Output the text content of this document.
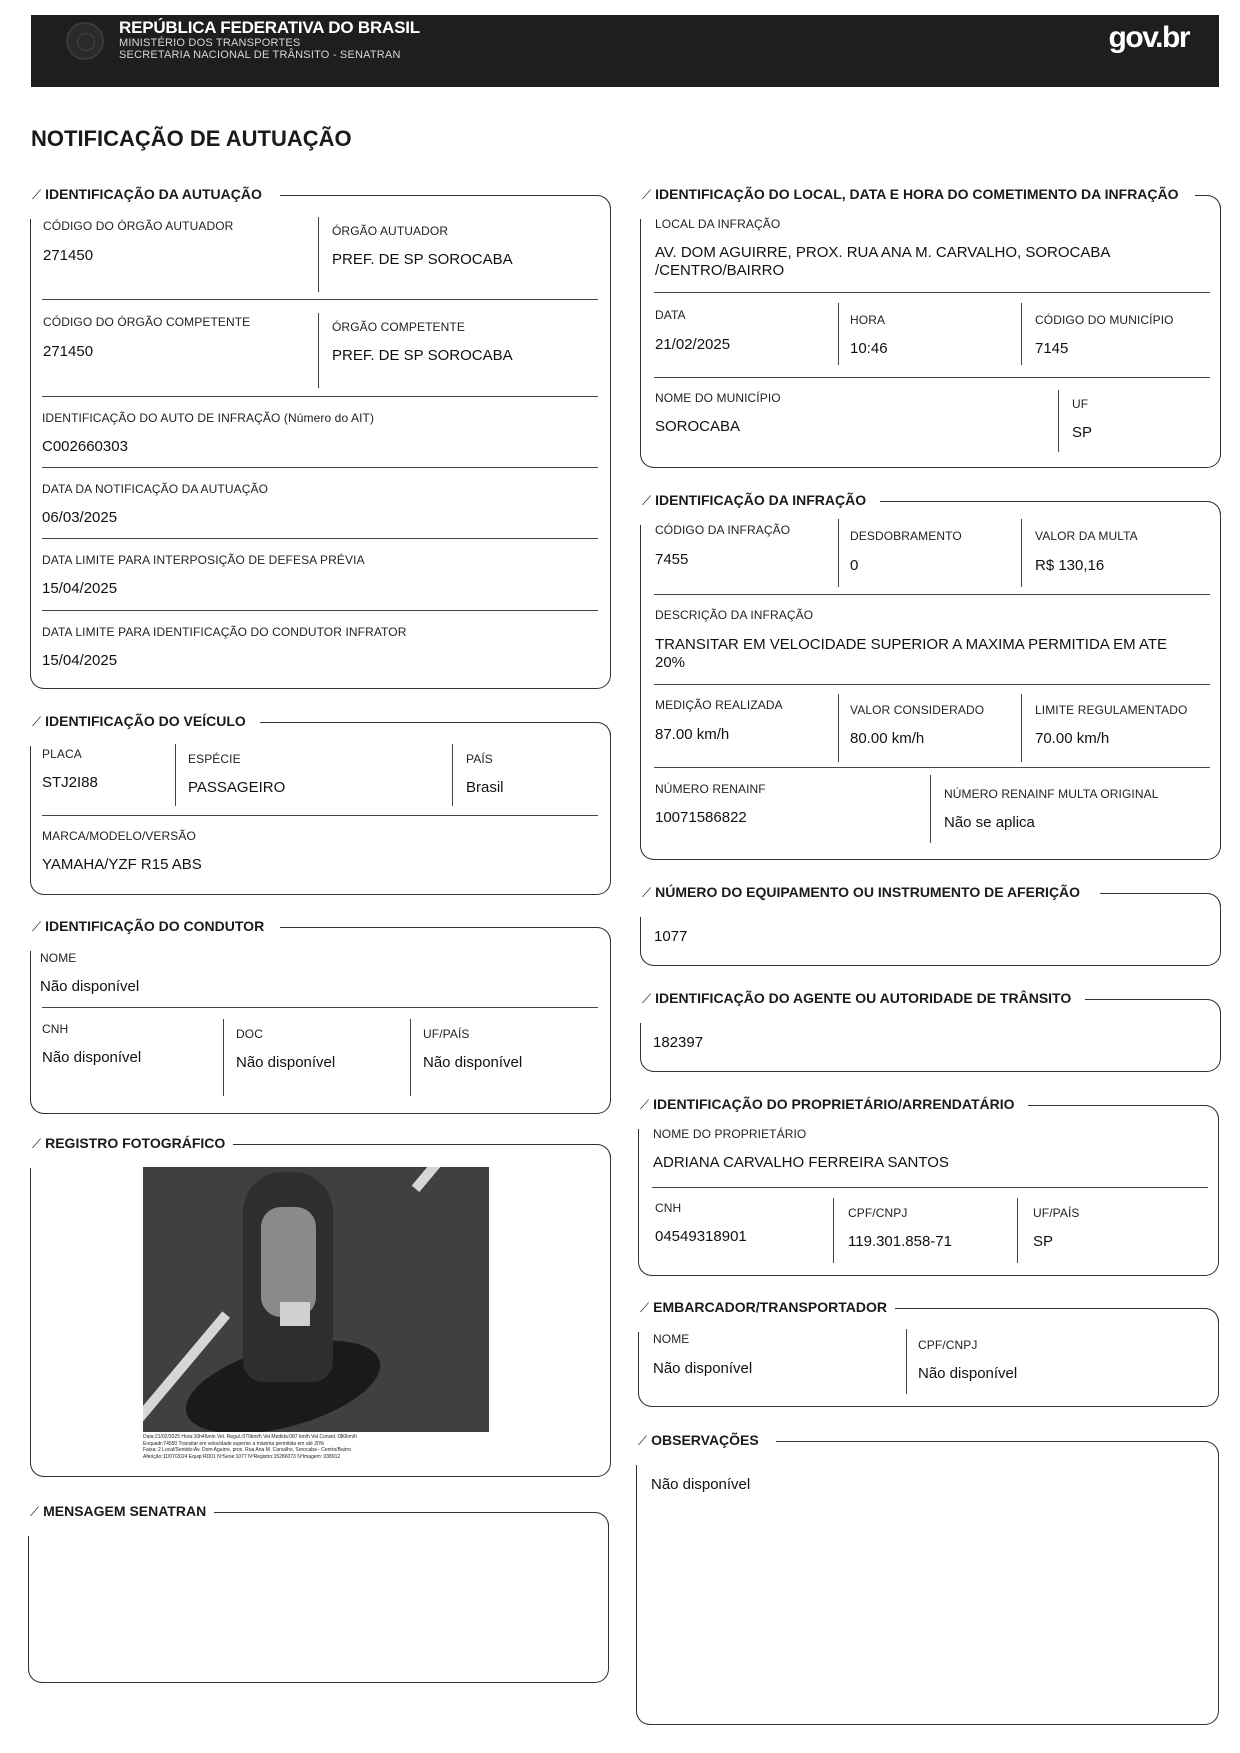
REPÚBLICA FEDERATIVA DO BRASIL
MINISTÉRIO DOS TRANSPORTES
SECRETARIA NACIONAL DE TRÂNSITO - SENATRAN
gov.br
NOTIFICAÇÃO DE AUTUAÇÃO
⟋ IDENTIFICAÇÃO DA AUTUAÇÃO
CÓDIGO DO ÓRGÃO AUTUADOR
271450
ÓRGÃO AUTUADOR
PREF. DE SP SOROCABA
CÓDIGO DO ÓRGÃO COMPETENTE
271450
ÓRGÃO COMPETENTE
PREF. DE SP SOROCABA
IDENTIFICAÇÃO DO AUTO DE INFRAÇÃO (Número do AIT)
C002660303
DATA DA NOTIFICAÇÃO DA AUTUAÇÃO
06/03/2025
DATA LIMITE PARA INTERPOSIÇÃO DE DEFESA PRÉVIA
15/04/2025
DATA LIMITE PARA IDENTIFICAÇÃO DO CONDUTOR INFRATOR
15/04/2025
⟋ IDENTIFICAÇÃO DO LOCAL, DATA E HORA DO COMETIMENTO DA INFRAÇÃO
LOCAL DA INFRAÇÃO
AV. DOM AGUIRRE, PROX. RUA ANA M. CARVALHO, SOROCABA
/CENTRO/BAIRRO
DATA
21/02/2025
HORA
10:46
CÓDIGO DO MUNICÍPIO
7145
NOME DO MUNICÍPIO
SOROCABA
UF
SP
⟋ IDENTIFICAÇÃO DA INFRAÇÃO
CÓDIGO DA INFRAÇÃO
7455
DESDOBRAMENTO
0
VALOR DA MULTA
R$ 130,16
DESCRIÇÃO DA INFRAÇÃO
TRANSITAR EM VELOCIDADE SUPERIOR A MAXIMA PERMITIDA EM ATE
20%
MEDIÇÃO REALIZADA
87.00 km/h
VALOR CONSIDERADO
80.00 km/h
LIMITE REGULAMENTADO
70.00 km/h
NÚMERO RENAINF
10071586822
NÚMERO RENAINF MULTA ORIGINAL
Não se aplica
⟋ IDENTIFICAÇÃO DO VEÍCULO
PLACA
STJ2I88
ESPÉCIE
PASSAGEIRO
PAÍS
Brasil
MARCA/MODELO/VERSÃO
YAMAHA/YZF R15 ABS
⟋ NÚMERO DO EQUIPAMENTO OU INSTRUMENTO DE AFERIÇÃO
1077
⟋ IDENTIFICAÇÃO DO CONDUTOR
NOME
Não disponível
CNH
Não disponível
DOC
Não disponível
UF/PAÍS
Não disponível
⟋ IDENTIFICAÇÃO DO AGENTE OU AUTORIDADE DE TRÂNSITO
182397
⟋ REGISTRO FOTOGRÁFICO
Data:21/02/2025 Hora:10h46min Vel. Regul.:070km/h Vel.Medida:087 km/h Vel.Consid.:080km/h
Enquadr:74550 Transitar em velocidade superior a máxima permitida em até 20%
Faixa: 2 Local/Sentido:Av. Dom Aguirre, prox. Rua Ana M. Carvalho, Sorocaba - Centro/Bairro
Aferição:11/07/2024 Equip:RD01 NºSerie:1077 NºRegistro:15286073 NºImagem: 038912
⟋ IDENTIFICAÇÃO DO PROPRIETÁRIO/ARRENDATÁRIO
NOME DO PROPRIETÁRIO
ADRIANA CARVALHO FERREIRA SANTOS
CNH
04549318901
CPF/CNPJ
119.301.858-71
UF/PAÍS
SP
⟋ EMBARCADOR/TRANSPORTADOR
NOME
Não disponível
CPF/CNPJ
Não disponível
⟋ OBSERVAÇÕES
Não disponível
⟋ MENSAGEM SENATRAN
